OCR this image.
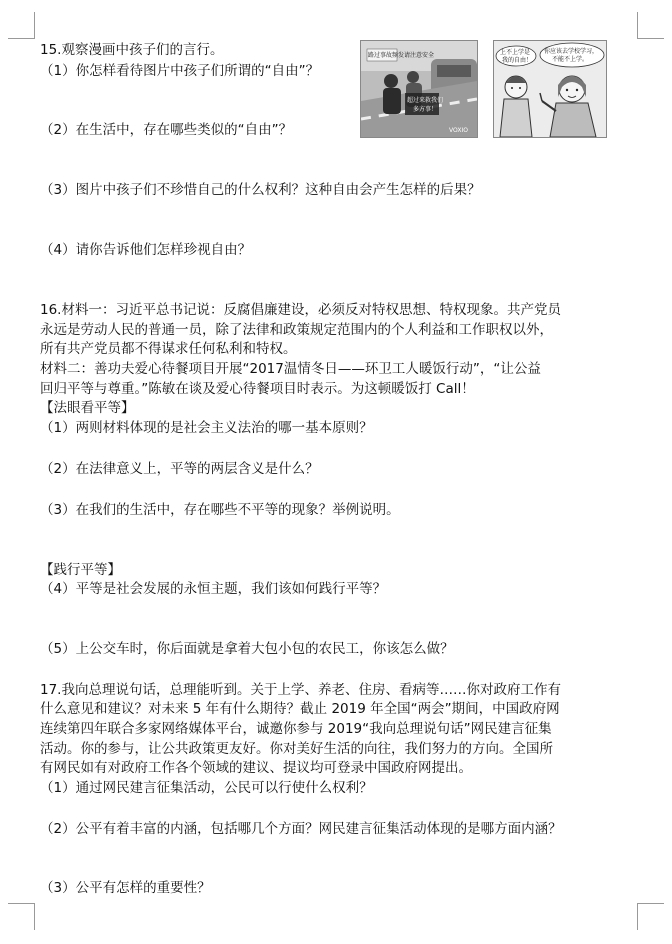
15.观察漫画中孩子们的言行。
（1）你怎样看待图片中孩子们所谓的“自由”？
（2）在生活中，存在哪些类似的“自由”？
（3）图片中孩子们不珍惜自己的什么权利？这种自由会产生怎样的后果？
（4）请你告诉他们怎样珍视自由？
路过事故频发请注意安全
超过来救我们
多方事！
VOXIO
上不上学是
我的自由！
你应该去学校学习，
不能不上学。
16.材料一：习近平总书记说：反腐倡廉建设，必须反对特权思想、特权现象。共产党员
永远是劳动人民的普通一员，除了法律和政策规定范围内的个人利益和工作职权以外，
所有共产党员都不得谋求任何私利和特权。
材料二：善功夫爱心待餐项目开展“2017温情冬日——环卫工人暖饭行动”，“让公益
回归平等与尊重。”陈敏在谈及爱心待餐项目时表示。为这顿暖饭打 Call！
【法眼看平等】
（1）两则材料体现的是社会主义法治的哪一基本原则？
（2）在法律意义上，平等的两层含义是什么？
（3）在我们的生活中，存在哪些不平等的现象？举例说明。
【践行平等】
（4）平等是社会发展的永恒主题，我们该如何践行平等？
（5）上公交车时，你后面就是拿着大包小包的农民工，你该怎么做？
17.我向总理说句话，总理能听到。关于上学、养老、住房、看病等……你对政府工作有
什么意见和建议？对未来 5 年有什么期待？截止 2019 年全国“两会”期间，中国政府网
连续第四年联合多家网络媒体平台，诚邀你参与 2019“我向总理说句话”网民建言征集
活动。你的参与，让公共政策更友好。你对美好生活的向往，我们努力的方向。全国所
有网民如有对政府工作各个领域的建议、提议均可登录中国政府网提出。
（1）通过网民建言征集活动，公民可以行使什么权利？
（2）公平有着丰富的内涵，包括哪几个方面？网民建言征集活动体现的是哪方面内涵？
（3）公平有怎样的重要性？
